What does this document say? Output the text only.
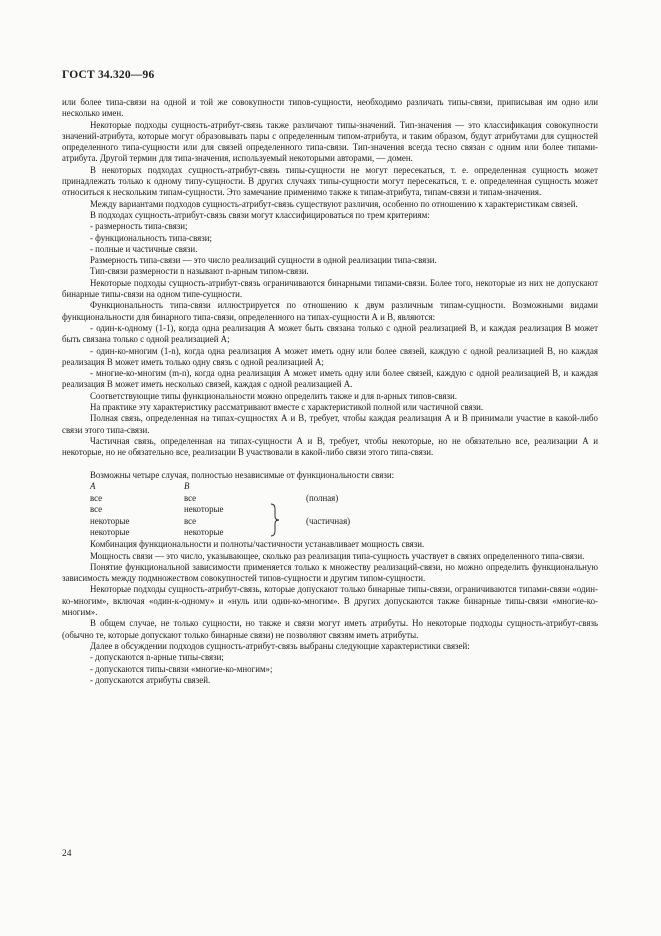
ГОСТ 34.320—96

или более типа-связи на одной и той же совокупности типов-сущности, необходимо различать типы-связи, приписывая им одно или несколько имен.

Некоторые подходы сущность-атрибут-связь также различают типы-значений. Тип-значения — это классификация совокупности значений-атрибута, которые могут образовывать пары с определенным типом-атрибута, и таким образом, будут атрибутами для сущностей определенного типа-сущности или для связей определенного типа-связи. Тип-значения всегда тесно связан с одним или более типами-атрибута. Другой термин для типа-значения, используемый некоторыми авторами, — домен.

В некоторых подходах сущность-атрибут-связь типы-сущности не могут пересекаться, т. е. определенная сущность может принадлежать только к одному типу-сущности. В других случаях типы-сущности могут пересекаться, т. е. определенная сущность может относиться к нескольким типам-сущности. Это замечание применимо также к типам-атрибута, типам-связи и типам-значения.

Между вариантами подходов сущность-атрибут-связь существуют различия, особенно по отношению к характеристикам связей.

В подходах сущность-атрибут-связь связи могут классифицироваться по трем критериям:

- размерность типа-связи;

- функциональность типа-связи;

- полные и частичные связи.

Размерность типа-связи — это число реализаций сущности в одной реализации типа-связи.

Тип-связи размерности n называют n-арным типом-связи.

Некоторые подходы сущность-атрибут-связь ограничиваются бинарными типами-связи. Более того, некоторые из них не допускают бинарные типы-связи на одном типе-сущности.

Функциональность типа-связи иллюстрируется по отношению к двум различным типам-сущности. Возможными видами функциональности для бинарного типа-связи, определенного на типах-сущности А и В, являются:

- один-к-одному (1-1), когда одна реализация А может быть связана только с одной реализацией В, и каждая реализация В может быть связана только с одной реализацией А;

- один-ко-многим (1-n), когда одна реализация А может иметь одну или более связей, каждую с одной реализацией В, но каждая реализация В может иметь только одну связь с одной реализацией А;

- многие-ко-многим (m-n), когда одна реализация А может иметь одну или более связей, каждую с одной реализацией В, и каждая реализация В может иметь несколько связей, каждая с одной реализацией А.

Соответствующие типы функциональности можно определить также и для n-арных типов-связи.

На практике эту характеристику рассматривают вместе с характеристикой полной или частичной связи.

Полная связь, определенная на типах-сущностях А и В, требует, чтобы каждая реализация А и В принимали участие в какой-либо связи этого типа-связи.

Частичная связь, определенная на типах-сущности А и В, требует, чтобы некоторые, но не обязательно все, реализации А и некоторые, но не обязательно все, реализации В участвовали в какой-либо связи этого типа-связи.

Возможны четыре случая, полностью независимые от функциональности связи:

А	В
все	все	(полная)
все	некоторые
некоторые	все	(частичная)
некоторые	некоторые

Комбинация функциональности и полноты/частичности устанавливает мощность связи.

Мощность связи — это число, указывающее, сколько раз реализация типа-сущность участвует в связях определенного типа-связи.

Понятие функциональной зависимости применяется только к множеству реализаций-связи, но можно определить функциональную зависимость между подмножеством совокупностей типов-сущности и другим типом-сущности.

Некоторые подходы сущность-атрибут-связь, которые допускают только бинарные типы-связи, ограничиваются типами-связи «один-ко-многим», включая «один-к-одному» и «нуль или один-ко-многим». В других допускаются также бинарные типы-связи «многие-ко-многим».

В общем случае, не только сущности, но также и связи могут иметь атрибуты. Но некоторые подходы сущность-атрибут-связь (обычно те, которые допускают только бинарные связи) не позволяют связям иметь атрибуты.

Далее в обсуждении подходов сущность-атрибут-связь выбраны следующие характеристики связей:

- допускаются n-арные типы-связи;

- допускаются типы-связи «многие-ко-многим»;

- допускаются атрибуты связей.

24
